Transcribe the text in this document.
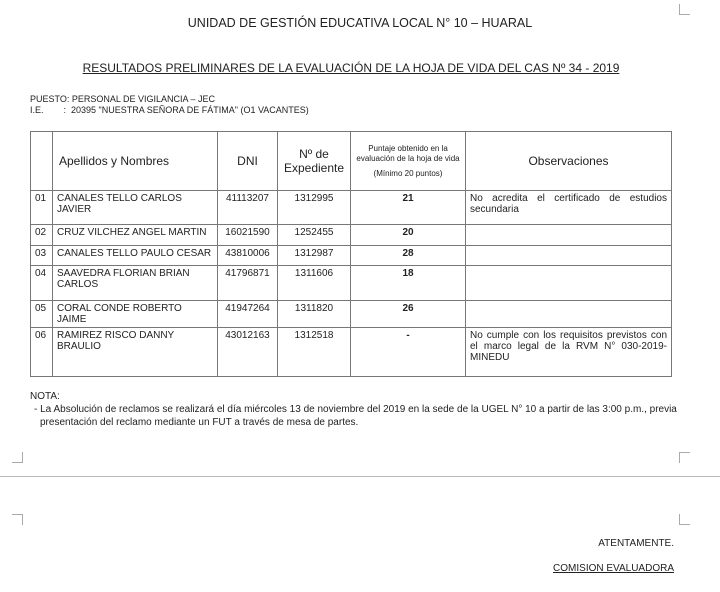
UNIDAD DE GESTIÓN EDUCATIVA LOCAL N° 10 – HUARAL
RESULTADOS PRELIMINARES DE LA EVALUACIÓN DE LA HOJA DE VIDA DEL CAS Nº 34 - 2019
PUESTO: PERSONAL DE VIGILANCIA – JEC
I.E.        :  20395 "NUESTRA SEÑORA DE FÁTIMA" (O1 VACANTES)
	Apellidos y Nombres	DNI	Nº de Expediente	Puntaje obtenido en la evaluación de la hoja de vida
(Mínimo 20 puntos)	Observaciones
01	CANALES TELLO CARLOS JAVIER	41113207	1312995	21	No acredita el certificado de estudios secundaria
02	CRUZ VILCHEZ ANGEL MARTIN	16021590	1252455	20	
03	CANALES TELLO PAULO CESAR	43810006	1312987	28	
04	SAAVEDRA FLORIAN BRIAN CARLOS	41796871	1311606	18	
05	CORAL CONDE ROBERTO JAIME	41947264	1311820	26	
06	RAMIREZ RISCO DANNY BRAULIO	43012163	1312518	-	No cumple con los requisitos previstos con el marco legal de la RVM N° 030-2019-MINEDU
NOTA:
- La Absolución de reclamos se realizará el día miércoles 13 de noviembre del 2019 en la sede de la UGEL N° 10 a partir de las 3:00 p.m., previa presentación del reclamo mediante un FUT a través de mesa de partes.
ATENTAMENTE.
COMISION EVALUADORA
